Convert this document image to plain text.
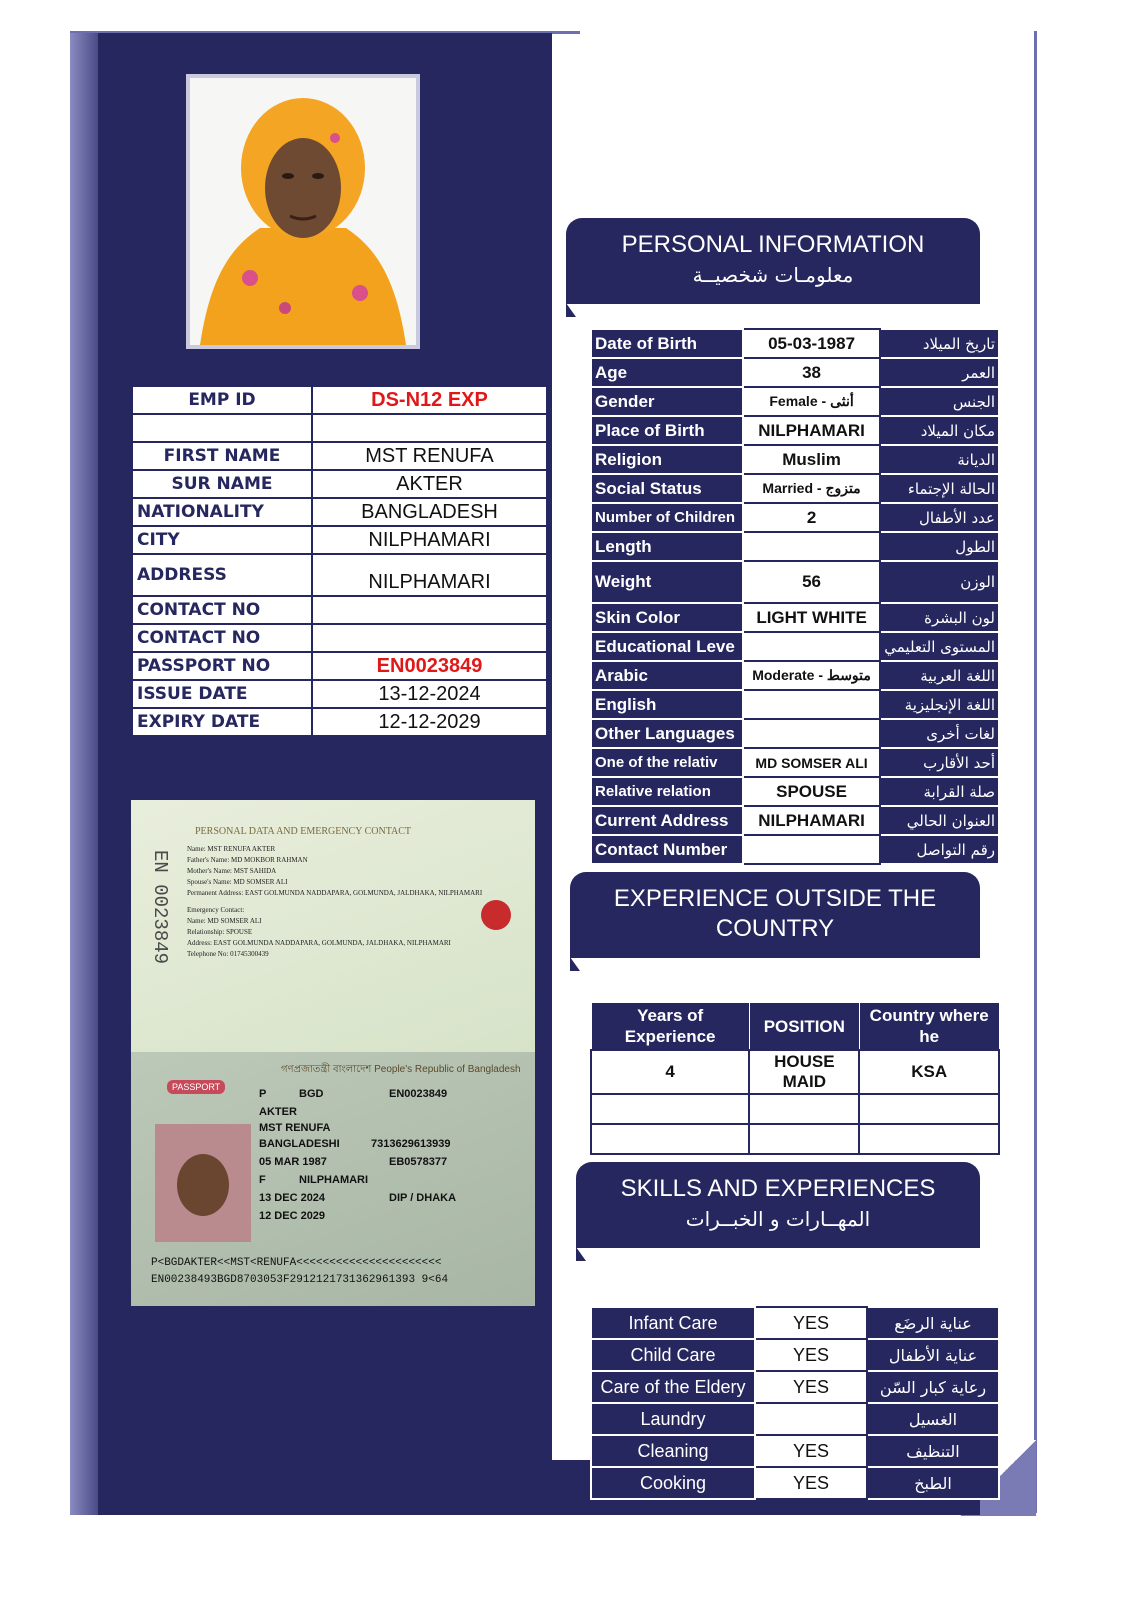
EMP ID	DS-N12 EXP

FIRST NAME	MST RENUFA
SUR NAME	AKTER
NATIONALITY	BANGLADESH
CITY	NILPHAMARI
ADDRESS	NILPHAMARI
CONTACT NO	
CONTACT NO	
PASSPORT NO	EN0023849
ISSUE DATE	13-12-2024
EXPIRY DATE	12-12-2029
PERSONAL DATA AND EMERGENCY CONTACT
Name: MST RENUFA AKTER
Father's Name: MD MOKBOR RAHMAN
Mother's Name: MST SAHIDA
Spouse's Name: MD SOMSER ALI
Permanent Address: EAST GOLMUNDA NADDAPARA, GOLMUNDA, JALDHAKA, NILPHAMARI
Emergency Contact:
Name: MD SOMSER ALI
Relationship: SPOUSE
Address: EAST GOLMUNDA NADDAPARA, GOLMUNDA, JALDHAKA, NILPHAMARI
Telephone No: 01745300439
EN 0023849
গণপ্রজাতন্ত্রী বাংলাদেশ People's Republic of Bangladesh
PASSPORT
P	BGD	EN0023849
AKTER
MST RENUFA
BANGLADESHI	7313629613939
05 MAR 1987	EB0578377
F	NILPHAMARI
13 DEC 2024	DIP / DHAKA
12 DEC 2029
P<BGDAKTER<<MST<RENUFA<<<<<<<<<<<<<<<<<<<<<<
EN00238493BGD8703053F2912121731362961393 9<64
PERSONAL INFORMATION
معلومـات شخصيــة
Date of Birth	05-03-1987	تاريخ الميلاد
Age	38	العمر
Gender	Female - أنثى	الجنس
Place of Birth	NILPHAMARI	مكان الميلاد
Religion	Muslim	الديانة
Social Status	Married - متزوج	الحالة الإجتماء
Number of Children	2	عدد الأطفال
Length		الطول
Weight	56	الوزن
Skin Color	LIGHT WHITE	لون البشرة
Educational Leve		المستوى التعليمي
Arabic	Moderate - متوسط	اللغة العربية
English		اللغة الإنجليزية
Other Languages		لغات أخرى
One of the relativ	MD SOMSER ALI	أحد الأقارب
Relative relation	SPOUSE	صلة القرابة
Current Address	NILPHAMARI	العنوان الحالي
Contact Number		رقم التواصل
EXPERIENCE OUTSIDE THE
COUNTRY
Years of Experience	POSITION	Country where he
4	HOUSE MAID	KSA

SKILLS AND EXPERIENCES
المهــارات و الخبــرات
Infant Care	YES	عناية الرضَع
Child Care	YES	عناية الأطفال
Care of the Eldery	YES	رعاية كبار السّن
Laundry		الغسيل
Cleaning	YES	التنظيف
Cooking	YES	الطبخ
